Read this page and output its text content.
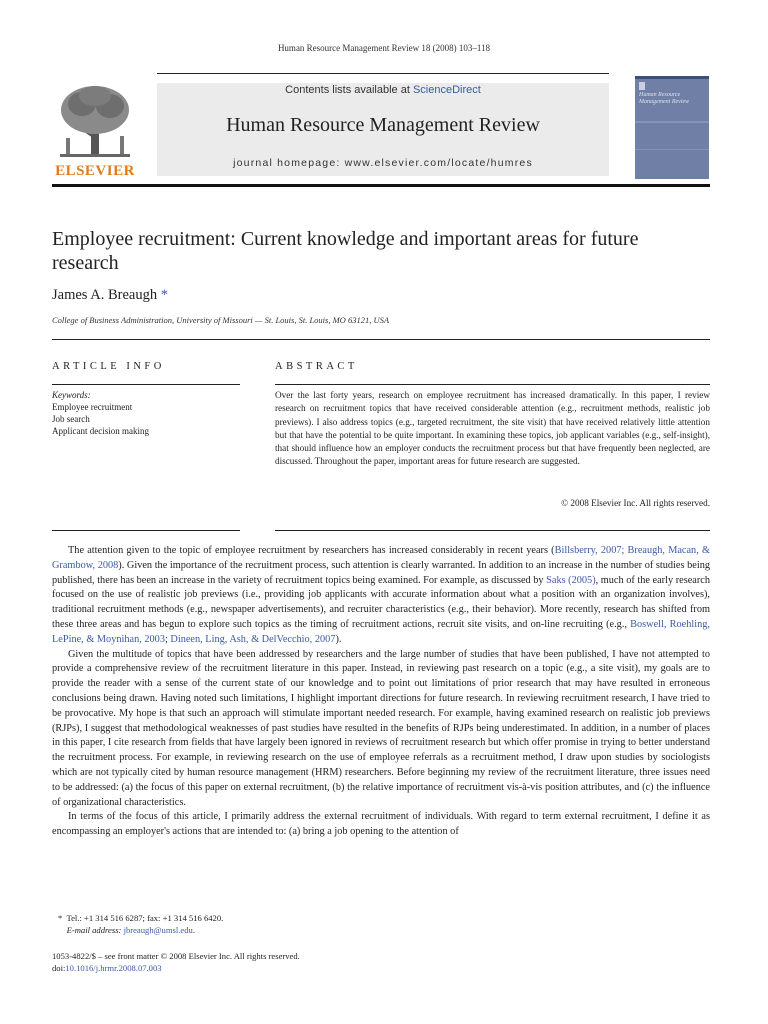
Human Resource Management Review 18 (2008) 103–118
ELSEVIER
Contents lists available at ScienceDirect
Human Resource Management Review
journal homepage: www.elsevier.com/locate/humres
Human Resource Management Review
Employee recruitment: Current knowledge and important areas for future research
James A. Breaugh *
College of Business Administration, University of Missouri — St. Louis, St. Louis, MO 63121, USA
ARTICLE INFO	ABSTRACT
Keywords:
Employee recruitment
Job search
Applicant decision making
Over the last forty years, research on employee recruitment has increased dramatically. In this paper, I review research on recruitment topics that have received considerable attention (e.g., recruitment methods, realistic job previews). I also address topics (e.g., targeted recruitment, the site visit) that have received relatively little attention but that have the potential to be quite important. In examining these topics, job applicant variables (e.g., self-insight), that should influence how an employer conducts the recruitment process but that have frequently been neglected, are discussed. Throughout the paper, important areas for future research are suggested.
© 2008 Elsevier Inc. All rights reserved.

The attention given to the topic of employee recruitment by researchers has increased considerably in recent years (Billsberry, 2007; Breaugh, Macan, & Grambow, 2008). Given the importance of the recruitment process, such attention is clearly warranted. In addition to an increase in the number of studies being published, there has been an increase in the variety of recruitment topics being examined. For example, as discussed by Saks (2005), much of the early research focused on the use of realistic job previews (i.e., providing job applicants with accurate information about what a position with an organization involves), traditional recruitment methods (e.g., newspaper advertisements), and recruiter characteristics (e.g., their behavior). More recently, research has shifted from these three areas and has begun to explore such topics as the timing of recruitment actions, recruit site visits, and on-line recruiting (e.g., Boswell, Roehling, LePine, & Moynihan, 2003; Dineen, Ling, Ash, & DelVecchio, 2007).

Given the multitude of topics that have been addressed by researchers and the large number of studies that have been published, I have not attempted to provide a comprehensive review of the recruitment literature in this paper. Instead, in reviewing past research on a topic (e.g., a site visit), my goals are to provide the reader with a sense of the current state of our knowledge and to point out limitations of prior research that may have resulted in erroneous conclusions being drawn. Having noted such limitations, I highlight important directions for future research. In reviewing recruitment research, I have tried to be provocative. My hope is that such an approach will stimulate important needed research. For example, having examined research on realistic job previews (RJPs), I suggest that methodological weaknesses of past studies have resulted in the benefits of RJPs being underestimated. In addition, in a number of places in this paper, I cite research from fields that have largely been ignored in reviews of recruitment research but which offer promise in trying to better understand the recruitment process. For example, in reviewing research on the use of employee referrals as a recruitment method, I draw upon studies by sociologists which are not typically cited by human resource management (HRM) researchers. Before beginning my review of the recruitment literature, three issues need to be addressed: (a) the focus of this paper on external recruitment, (b) the relative importance of recruitment vis-à-vis position attributes, and (c) the influence of organizational characteristics.

In terms of the focus of this article, I primarily address the external recruitment of individuals. With regard to term external recruitment, I define it as encompassing an employer's actions that are intended to: (a) bring a job opening to the attention of

* Tel.: +1 314 516 6287; fax: +1 314 516 6420.
E-mail address: jbreaugh@umsl.edu.
1053-4822/$ – see front matter © 2008 Elsevier Inc. All rights reserved.
doi:10.1016/j.hrmr.2008.07.003
